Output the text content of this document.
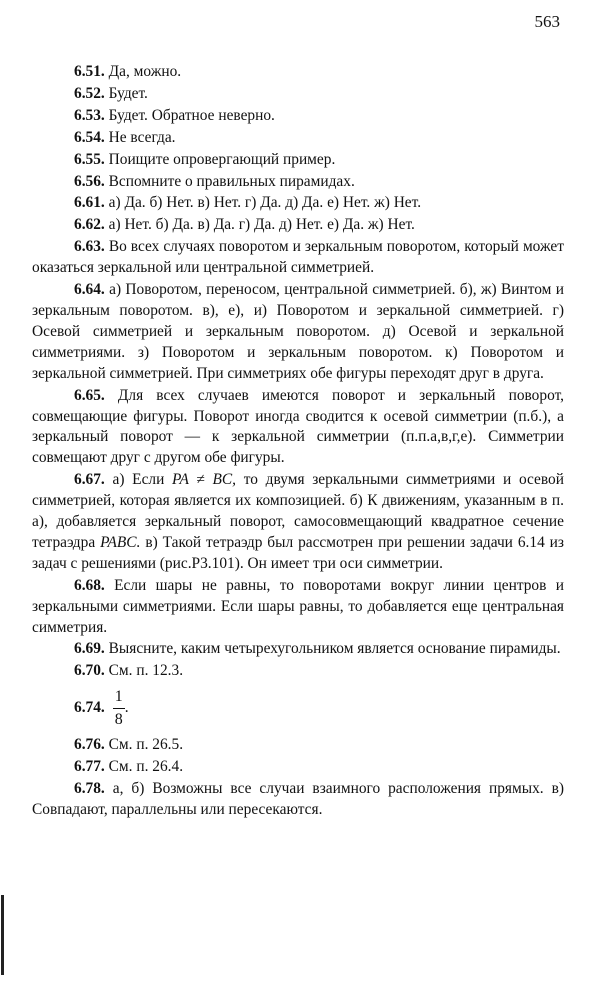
563

6.51. Да, можно.

6.52. Будет.

6.53. Будет. Обратное неверно.

6.54. Не всегда.

6.55. Поищите опровергающий пример.

6.56. Вспомните о правильных пирамидах.

6.61. а) Да. б) Нет. в) Нет. г) Да. д) Да. е) Нет. ж) Нет.

6.62. а) Нет. б) Да. в) Да. г) Да. д) Нет. е) Да. ж) Нет.

6.63. Во всех случаях поворотом и зеркальным поворотом, который может оказаться зеркальной или центральной симметрией.

6.64. а) Поворотом, переносом, центральной симметрией. б), ж) Винтом и зеркальным поворотом. в), е), и) Поворотом и зеркальной симметрией. г) Осевой симметрией и зеркальным поворотом. д) Осевой и зеркальной симметриями. з) Поворотом и зеркальным поворотом. к) Поворотом и зеркальной симметрией. При симметриях обе фигуры переходят друг в друга.

6.65. Для всех случаев имеются поворот и зеркальный поворот, совмещающие фигуры. Поворот иногда сводится к осевой симметрии (п.б.), а зеркальный поворот — к зеркальной симметрии (п.п.а,в,г,е). Симметрии совмещают друг с другом обе фигуры.

6.67. а) Если PA ≠ BC, то двумя зеркальными симметриями и осевой симметрией, которая является их композицией. б) К движениям, указанным в п. а), добавляется зеркальный поворот, самосовмещающий квадратное сечение тетраэдра PABC. в) Такой тетраэдр был рассмотрен при решении задачи 6.14 из задач с решениями (рис.Р3.101). Он имеет три оси симметрии.

6.68. Если шары не равны, то поворотами вокруг линии центров и зеркальными симметриями. Если шары равны, то добавляется еще центральная симметрия.

6.69. Выясните, каким четырехугольником является основание пирамиды.

6.70. См. п. 12.3.

6.74. $\frac{1}{8}$ .

6.76. См. п. 26.5.

6.77. См. п. 26.4.

6.78. а, б) Возможны все случаи взаимного расположения прямых. в) Совпадают, параллельны или пересекаются.
